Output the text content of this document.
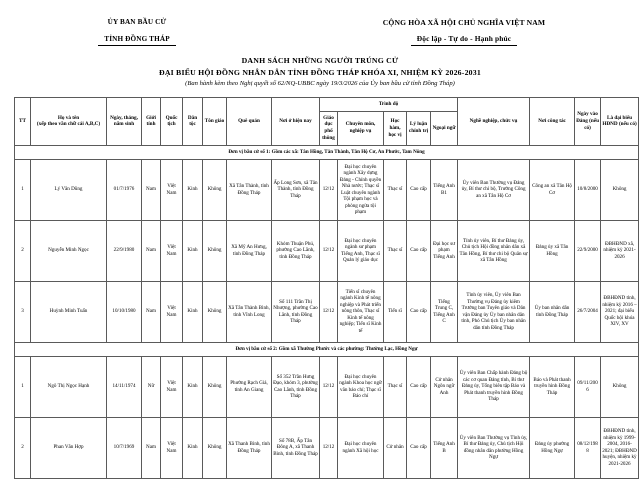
ỦY BAN BẦU CỬ
TỈNH ĐỒNG THÁP
CỘNG HÒA XÃ HỘI CHỦ NGHĨA VIỆT NAM
Độc lập - Tự do - Hạnh phúc
DANH SÁCH NHỮNG NGƯỜI TRÚNG CỬ
ĐẠI BIỂU HỘI ĐỒNG NHÂN DÂN TỈNH ĐỒNG THÁP KHÓA XI, NHIỆM KỲ 2026-2031
(Ban hành kèm theo Nghị quyết số 62/NQ-UBBC ngày 19/3/2026 của Ủy ban bầu cử tỉnh Đồng Tháp)
TT	Họ và tên
(xếp theo vần chữ cái A,B,C)	Ngày, tháng, năm sinh	Giới tính	Quốc tịch	Dân tộc	Tôn giáo	Quê quán	Nơi ở hiện nay	Trình độ					Nghề nghiệp, chức vụ	Nơi công tác	Ngày vào Đảng (nếu có)	Là đại biểu HĐND (nếu có)
									Giáo dục phổ thông	Chuyên môn, nghiệp vụ	Học hàm, học vị	Lý luận chính trị	Ngoại ngữ				
Đơn vị bầu cử số 1: Gồm các xã: Tân Hồng, Tân Thành, Tân Hộ Cơ, An Phước, Tam Nông																	
1	Lý Văn Dũng	01/7/1976	Nam	Việt Nam	Kinh	Không	Xã Tân Thành, tỉnh Đồng Tháp	Ấp Long Sơn, xã Tân Thành, tỉnh Đồng Tháp	12/12	Đại học chuyên ngành Xây dựng Đảng - Chính quyền Nhà nước; Thạc sĩ Luật chuyên ngành Tội phạm học và phòng ngừa tội phạm	Thạc sĩ	Cao cấp	Tiếng Anh B1	Ủy viên Ban Thường vụ Đảng ủy, Bí thư chi bộ, Trưởng Công an xã Tân Hộ Cơ	Công an xã Tân Hộ Cơ	10/8/2000	Không
2	Nguyễn Minh Ngọc	22/9/1980	Nam	Việt Nam	Kinh	Không	Xã Mỹ An Hưng, tỉnh Đồng Tháp	Khóm Thuận Phú, phường Cao Lãnh, tỉnh Đồng Tháp	12/12	Đại học chuyên ngành sư phạm Tiếng Anh, Thạc sĩ Quản lý giáo dục	Thạc sĩ	Cao cấp	Đại học sư phạm Tiếng Anh	Tỉnh ủy viên, Bí thư Đảng ủy, Chủ tịch Hội đồng nhân dân xã Tân Hồng, Bí thư chi bộ Quân sự xã Tân Hồng	Đảng ủy xã Tân Hồng	22/9/2000	ĐBHĐND xã, nhiệm kỳ 2021-2026
3	Huỳnh Minh Tuấn	10/10/1980	Nam	Việt Nam	Kinh	Không	Xã Tân Thành Bình, tỉnh Vĩnh Long	Số 111 Trần Thị Nhượng, phường Cao Lãnh, tỉnh Đồng Tháp	12/12	Tiến sĩ chuyên ngành Kinh tế nông nghiệp và Phát triển nông thôn, Thạc sĩ Kinh tế nông nghiệp; Tiến sĩ Kinh tế	Tiến sĩ	Cao cấp	Tiếng Trung C, Tiếng Anh C	Tỉnh ủy viên, Ủy viên Ban Thường vụ Đảng ủy kiêm Trưởng ban Tuyên giáo và Dân vận Đảng ủy Ủy ban nhân dân tỉnh, Phó Chủ tịch Ủy ban nhân dân tỉnh Đồng Tháp	Ủy ban nhân dân tỉnh Đồng Tháp	26/7/2004	ĐBHĐND tỉnh, nhiệm kỳ 2016 – 2021; đại biểu Quốc hội khóa XIV, XV
Đơn vị bầu cử số 2: Gồm xã Thường Phước và các phường: Thường Lạc, Hồng Ngự																	
1	Ngô Thị Ngọc Hạnh	14/11/1974	Nữ	Việt Nam	Kinh	Không	Phường Rạch Giá, tỉnh An Giang	Số 352 Trần Hưng Đạo, khóm 3, phường Cao Lãnh, tỉnh Đồng Tháp	12/12	Đại học chuyên ngành Khoa học ngữ văn báo chí; Thạc sĩ Báo chí	Thạc sĩ	Cao cấp	Cử nhân Ngôn ngữ Anh	Ủy viên Ban Chấp hành Đảng bộ các cơ quan Đảng tỉnh, Bí thư Đảng ủy, Tổng biên tập Báo và Phát thanh truyền hình Đồng Tháp	Báo và Phát thanh truyền hình Đồng Tháp	09/11/2006	Không
2	Phan Văn Hợp	10/7/1969	Nam	Việt Nam	Kinh	Không	Xã Thanh Bình, tỉnh Đồng Tháp	Số 78B, Ấp Tân Đông A, xã Thanh Bình, tỉnh Đồng Tháp	12/12	Đại học chuyên ngành Xã hội học	Cử nhân	Cao cấp	Tiếng Anh B	Ủy viên Ban Thường vụ Tỉnh ủy, Bí thư Đảng ủy, Chủ tịch Hội đồng nhân dân phường Hồng Ngự	Đảng ủy phường Hồng Ngự	08/12/1988	ĐBHĐND tỉnh, nhiệm kỳ 1999-2004, 2016-2021; ĐBHĐND huyện, nhiệm kỳ 2021-2026
